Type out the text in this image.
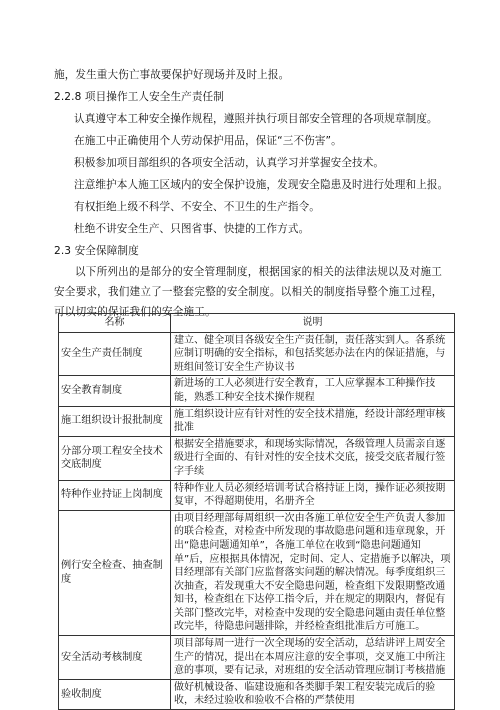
施，发生重大伤亡事故要保护好现场并及时上报。
2.2.8 项目操作工人安全生产责任制
认真遵守本工种安全操作规程，遵照并执行项目部安全管理的各项规章制度。
在施工中正确使用个人劳动保护用品，保证“三不伤害”。
积极参加项目部组织的各项安全活动，认真学习并掌握安全技术。
注意维护本人施工区域内的安全保护设施，发现安全隐患及时进行处理和上报。
有权拒绝上级不科学、不安全、不卫生的生产指令。
杜绝不讲安全生产、只图省事、快捷的工作方式。
2.3 安全保障制度
以下所列出的是部分的安全管理制度，根据国家的相关的法律法规以及对施工安全要求，我们建立了一整套完整的安全制度。以相关的制度指导整个施工过程，可以切实的保证我们的安全施工。
名称	说明
安全生产责任制度	建立、健全项目各级安全生产责任制，责任落实到人。各系统应制订明确的安全指标，和包括奖惩办法在内的保证措施，与班组间签订安全生产协议书
安全教育制度	新进场的工人必须进行安全教育，工人应掌握本工种操作技能，熟悉工种安全技术操作规程
施工组织设计报批制度	施工组织设计应有针对性的安全技术措施，经设计部经理审核批准
分部分项工程安全技术交底制度	根据安全措施要求，和现场实际情况，各级管理人员需亲自逐级进行全面的、有针对性的安全技术交底，接受交底者履行签字手续
特种作业持证上岗制度	特种作业人员必须经培训考试合格持证上岗，操作证必须按期复审，不得超期使用，名册齐全
例行安全检查、抽查制度	由项目经理部每周组织一次由各施工单位安全生产负责人参加的联合检查，对检查中所发现的事故隐患问题和违章现象，开出“隐患问题通知单”，各施工单位在收到“隐患问题通知单”后，应根据具体情况，定时间、定人、定措施予以解决，项目经理部有关部门应监督落实问题的解决情况。每季度组织三次抽查，若发现重大不安全隐患问题，检查组下发限期整改通知书，检查组在下达停工指令后，并在规定的期限内，督促有关部门整改完毕，对检查中发现的安全隐患问题由责任单位整改完毕，待隐患问题排除，并经检查组批准后方可施工。
安全活动考核制度	项目部每周一进行一次全现场的安全活动，总结讲评上周安全生产的情况，提出在本周应注意的安全事项，交叉施工中所注意的事项，要有记录，对班组的安全活动管理应制订考核措施
验收制度	做好机械设备、临建设施和各类脚手架工程安装完成后的验收，未经过验收和验收不合格的严禁使用
